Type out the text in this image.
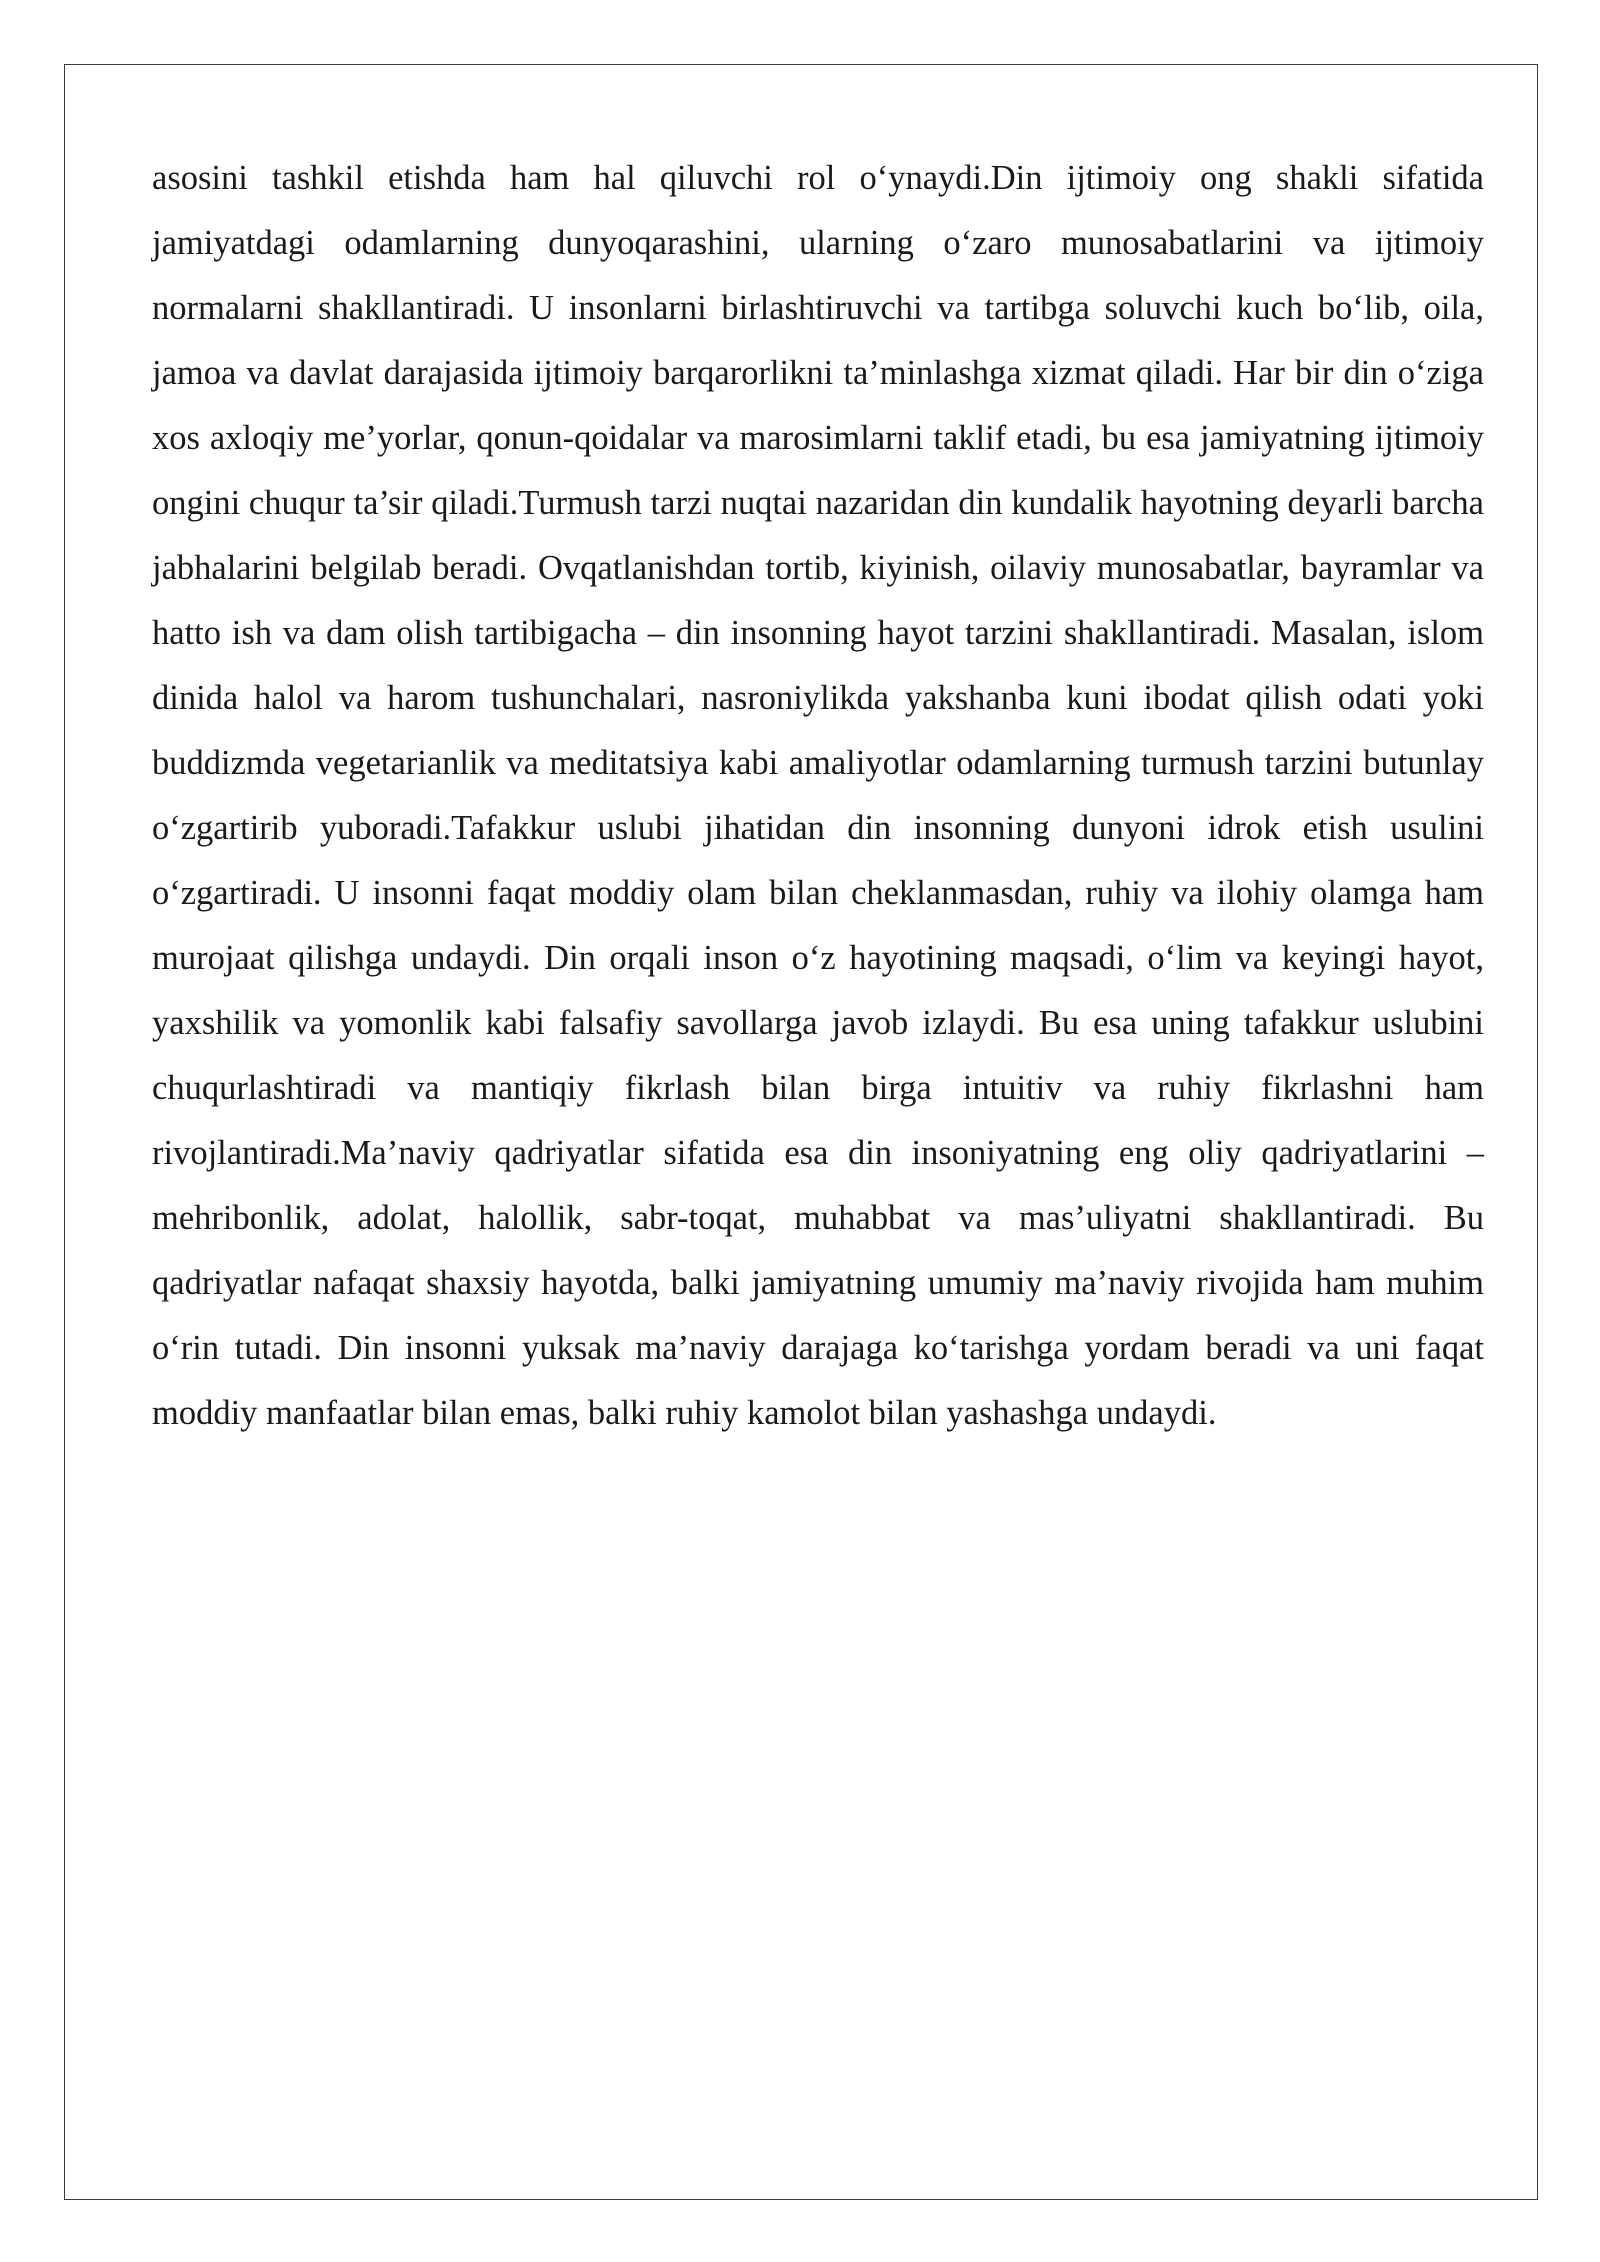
asosini tashkil etishda ham hal qiluvchi rol o‘ynaydi.Din ijtimoiy ong shakli sifatida jamiyatdagi odamlarning dunyoqarashini, ularning o‘zaro munosabatlarini va ijtimoiy normalarni shakllantiradi. U insonlarni birlashtiruvchi va tartibga soluvchi kuch bo‘lib, oila, jamoa va davlat darajasida ijtimoiy barqarorlikni ta’minlashga xizmat qiladi. Har bir din o‘ziga xos axloqiy me’yorlar, qonun-qoidalar va marosimlarni taklif etadi, bu esa jamiyatning ijtimoiy ongini chuqur ta’sir qiladi.Turmush tarzi nuqtai nazaridan din kundalik hayotning deyarli barcha jabhalarini belgilab beradi. Ovqatlanishdan tortib, kiyinish, oilaviy munosabatlar, bayramlar va hatto ish va dam olish tartibigacha – din insonning hayot tarzini shakllantiradi. Masalan, islom dinida halol va harom tushunchalari, nasroniylikda yakshanba kuni ibodat qilish odati yoki buddizmda vegetarianlik va meditatsiya kabi amaliyotlar odamlarning turmush tarzini butunlay o‘zgartirib yuboradi.Tafakkur uslubi jihatidan din insonning dunyoni idrok etish usulini o‘zgartiradi. U insonni faqat moddiy olam bilan cheklanmasdan, ruhiy va ilohiy olamga ham murojaat qilishga undaydi. Din orqali inson o‘z hayotining maqsadi, o‘lim va keyingi hayot, yaxshilik va yomonlik kabi falsafiy savollarga javob izlaydi. Bu esa uning tafakkur uslubini chuqurlashtiradi va mantiqiy fikrlash bilan birga intuitiv va ruhiy fikrlashni ham rivojlantiradi.Ma’naviy qadriyatlar sifatida esa din insoniyatning eng oliy qadriyatlarini – mehribonlik, adolat, halollik, sabr-toqat, muhabbat va mas’uliyatni shakllantiradi. Bu qadriyatlar nafaqat shaxsiy hayotda, balki jamiyatning umumiy ma’naviy rivojida ham muhim o‘rin tutadi. Din insonni yuksak ma’naviy darajaga ko‘tarishga yordam beradi va uni faqat moddiy manfaatlar bilan emas, balki ruhiy kamolot bilan yashashga undaydi.
